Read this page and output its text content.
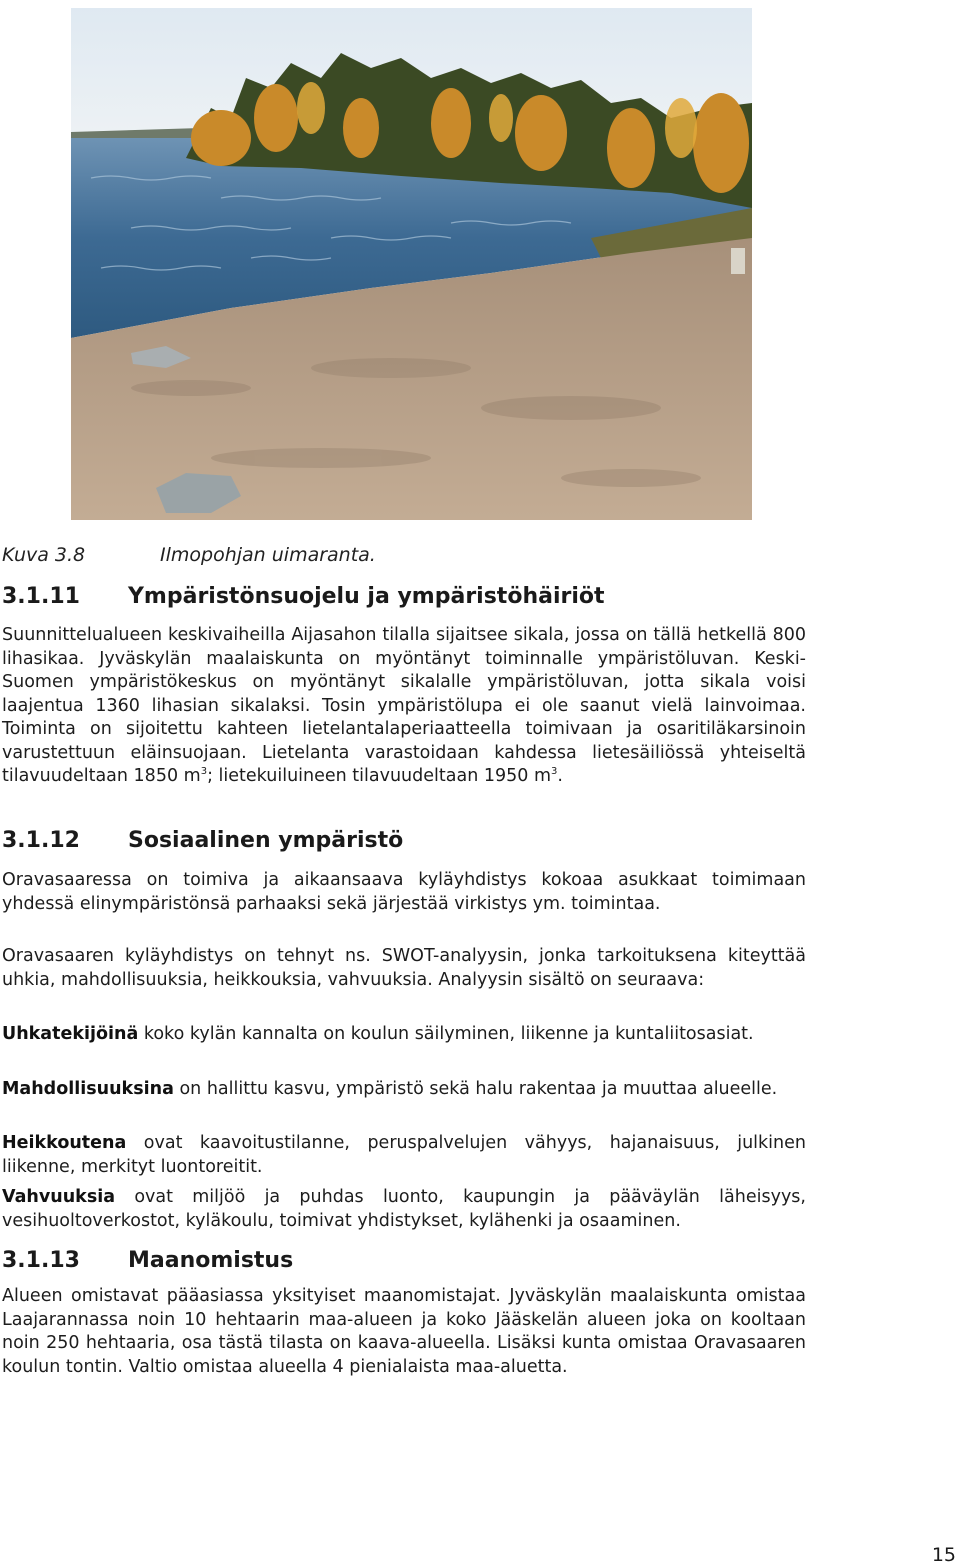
Kuva 3.8	Ilmopohjan uimaranta.
3.1.11 Ympäristönsuojelu ja ympäristöhäiriöt

Suunnittelualueen keskivaiheilla Aijasahon tilalla sijaitsee sikala, jossa on tällä hetkellä 800 lihasikaa. Jyväskylän maalaiskunta on myöntänyt toiminnalle ympäristöluvan. Keski-Suomen ympäristökeskus on myöntänyt sikalalle ympäristöluvan, jotta sikala voisi laajentua 1360 lihasian sikalaksi. Tosin ympäristölupa ei ole saanut vielä lainvoimaa. Toiminta on sijoitettu kahteen lietelantalaperiaatteella toimivaan ja osaritiläkarsinoin varustettuun eläinsuojaan. Lietelanta varastoidaan kahdessa lietesäiliössä yhteiseltä tilavuudeltaan 1850 $m^3$; lietekuiluineen tilavuudeltaan 1950 $m^3$.

3.1.12 Sosiaalinen ympäristö

Oravasaaressa on toimiva ja aikaansaava kyläyhdistys kokoaa asukkaat toimimaan yhdessä elinympäristönsä parhaaksi sekä järjestää virkistys ym. toimintaa.

Oravasaaren kyläyhdistys on tehnyt ns. SWOT-analyysin, jonka tarkoituksena kiteyttää uhkia, mahdollisuuksia, heikkouksia, vahvuuksia. Analyysin sisältö on seuraava:

Uhkatekijöinä koko kylän kannalta on koulun säilyminen, liikenne ja kuntaliitosasiat.

Mahdollisuuksina on hallittu kasvu, ympäristö sekä halu rakentaa ja muuttaa alueelle.

Heikkoutena ovat kaavoitustilanne, peruspalvelujen vähyys, hajanaisuus, julkinen liikenne, merkityt luontoreitit.

Vahvuuksia ovat miljöö ja puhdas luonto, kaupungin ja pääväylän läheisyys, vesihuoltoverkostot, kyläkoulu, toimivat yhdistykset, kylähenki ja osaaminen.

3.1.13 Maanomistus

Alueen omistavat pääasiassa yksityiset maanomistajat. Jyväskylän maalaiskunta omistaa Laajarannassa noin 10 hehtaarin maa-alueen ja koko Jääskelän alueen joka on kooltaan noin 250 hehtaaria, osa tästä tilasta on kaava-alueella. Lisäksi kunta omistaa Oravasaaren koulun tontin. Valtio omistaa alueella 4 pienialaista maa-aluetta.

15
